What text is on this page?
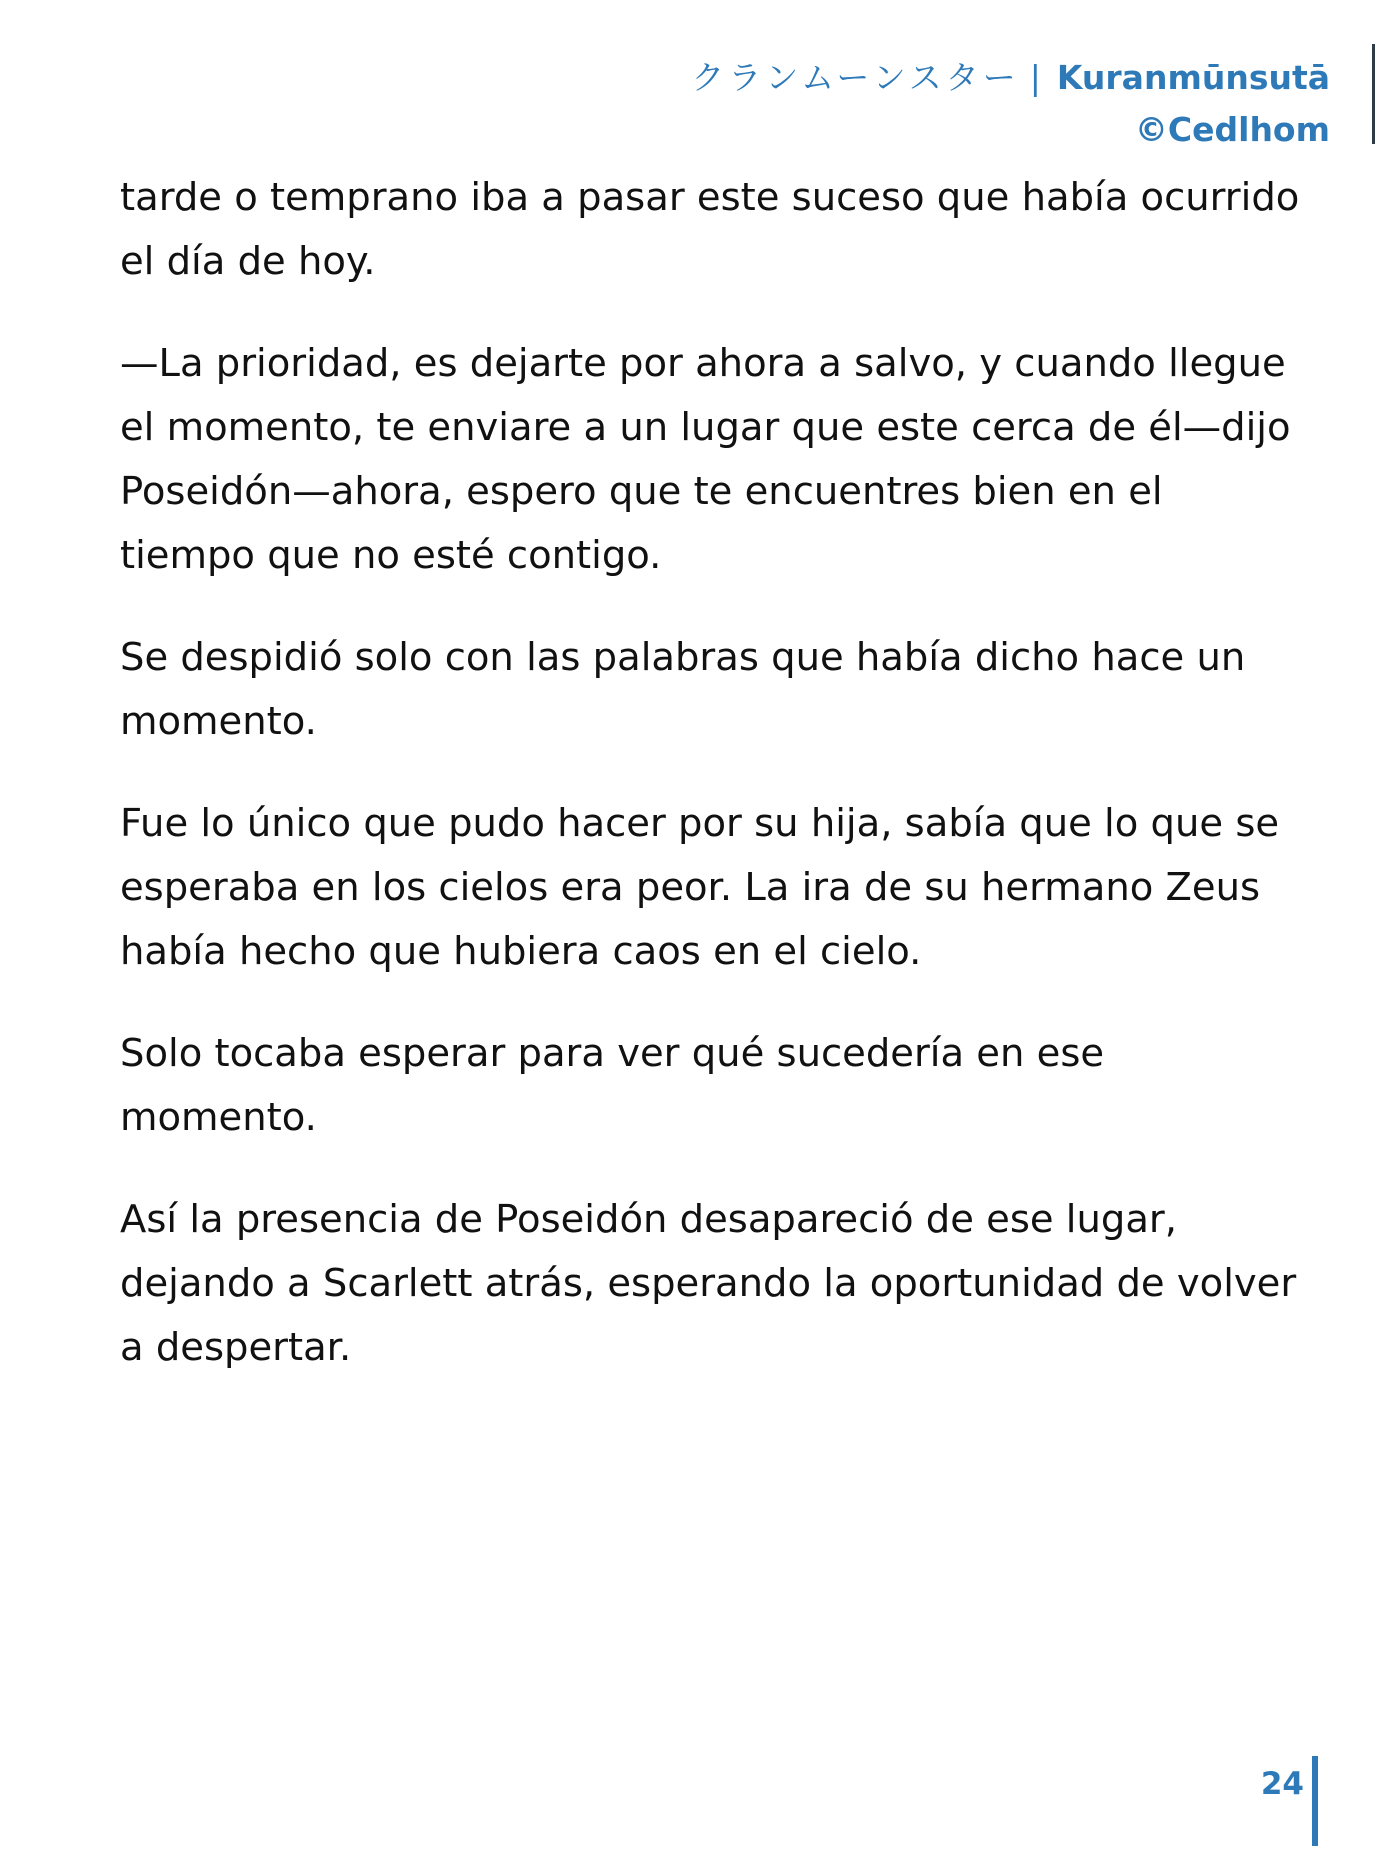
クランムーンスター | Kuranmūnsutā
©Cedlhom

tarde o temprano iba a pasar este suceso que había ocurrido el día de hoy.

—La prioridad, es dejarte por ahora a salvo, y cuando llegue el momento, te enviare a un lugar que este cerca de él—dijo Poseidón—ahora, espero que te encuentres bien en el tiempo que no esté contigo.

Se despidió solo con las palabras que había dicho hace un momento.

Fue lo único que pudo hacer por su hija, sabía que lo que se esperaba en los cielos era peor. La ira de su hermano Zeus había hecho que hubiera caos en el cielo.

Solo tocaba esperar para ver qué sucedería en ese momento.

Así la presencia de Poseidón desapareció de ese lugar, dejando a Scarlett atrás, esperando la oportunidad de volver a despertar.

24
